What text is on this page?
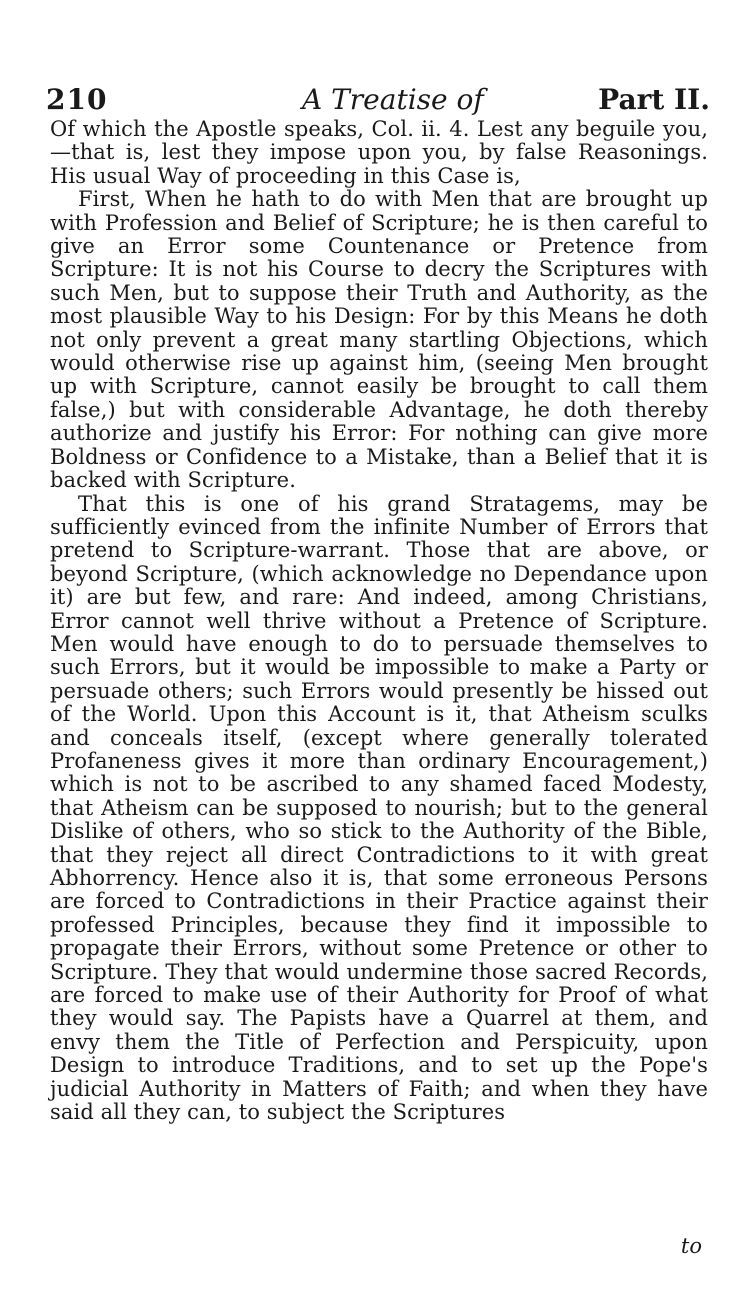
210	A Treatise of	Part II.

Of which the Apostle speaks, Col. ii. 4. Lest any beguile you,—that is, lest they impose upon you, by false Reasonings. His usual Way of proceeding in this Case is,

First, When he hath to do with Men that are brought up with Profession and Belief of Scripture; he is then careful to give an Error some Countenance or Pretence from Scripture: It is not his Course to decry the Scriptures with such Men, but to suppose their Truth and Authority, as the most plausible Way to his Design: For by this Means he doth not only prevent a great many startling Objections, which would otherwise rise up against him, (seeing Men brought up with Scripture, cannot easily be brought to call them false,) but with considerable Advantage, he doth thereby authorize and justify his Error: For nothing can give more Boldness or Confidence to a Mistake, than a Belief that it is backed with Scripture.

That this is one of his grand Stratagems, may be sufficiently evinced from the infinite Number of Errors that pretend to Scripture-warrant. Those that are above, or beyond Scripture, (which acknowledge no Dependance upon it) are but few, and rare: And indeed, among Christians, Error cannot well thrive without a Pretence of Scripture. Men would have enough to do to persuade themselves to such Errors, but it would be impossible to make a Party or persuade others; such Errors would presently be hissed out of the World. Upon this Account is it, that Atheism sculks and conceals itself, (except where generally tolerated Profaneness gives it more than ordinary Encouragement,) which is not to be ascribed to any shamed faced Modesty, that Atheism can be supposed to nourish; but to the general Dislike of others, who so stick to the Authority of the Bible, that they reject all direct Contradictions to it with great Abhorrency. Hence also it is, that some erroneous Persons are forced to Contradictions in their Practice against their professed Principles, because they find it impossible to propagate their Errors, without some Pretence or other to Scripture. They that would undermine those sacred Records, are forced to make use of their Authority for Proof of what they would say. The Papists have a Quarrel at them, and envy them the Title of Perfection and Perspicuity, upon Design to introduce Traditions, and to set up the Pope's judicial Authority in Matters of Faith; and when they have said all they can, to subject the Scriptures

to
